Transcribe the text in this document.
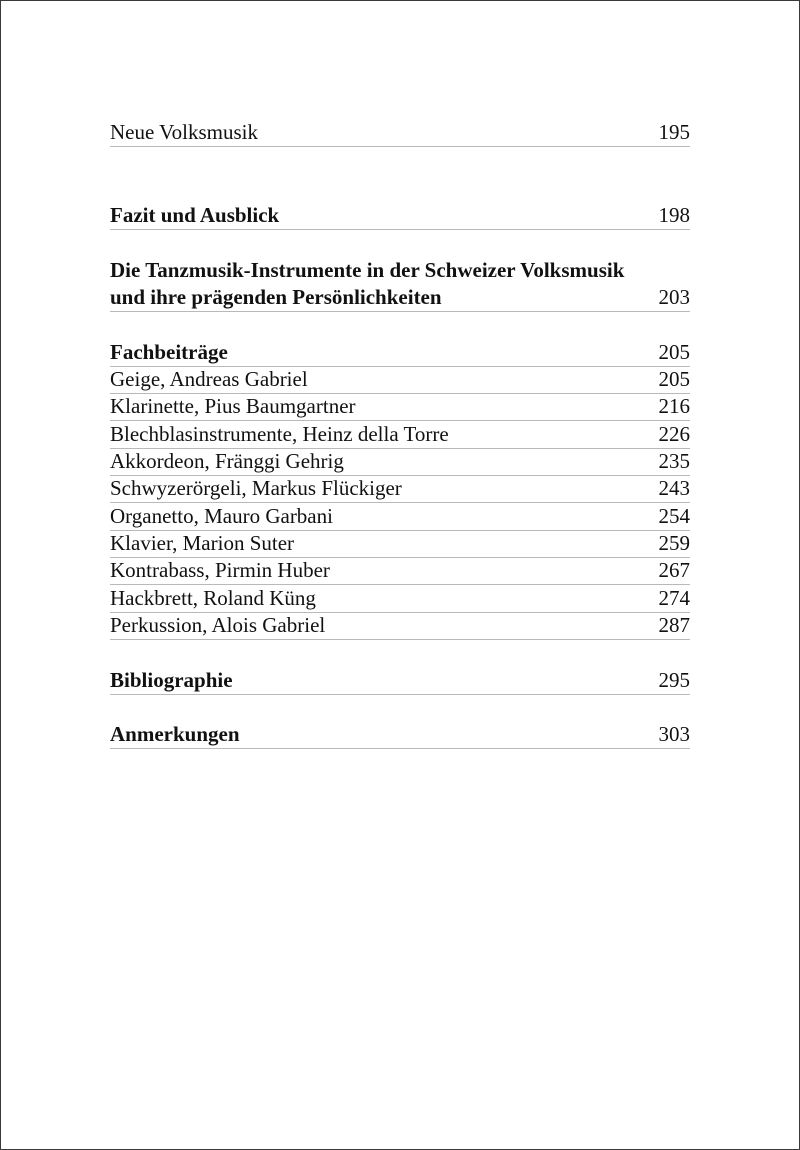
Neue Volksmusik	195
Fazit und Ausblick	198
Die Tanzmusik-Instrumente in der Schweizer Volksmusik und ihre prägenden Persönlichkeiten	203
Fachbeiträge	205
Geige, Andreas Gabriel	205
Klarinette, Pius Baumgartner	216
Blechblasinstrumente, Heinz della Torre	226
Akkordeon, Fränggi Gehrig	235
Schwyzerörgeli, Markus Flückiger	243
Organetto, Mauro Garbani	254
Klavier, Marion Suter	259
Kontrabass, Pirmin Huber	267
Hackbrett, Roland Küng	274
Perkussion, Alois Gabriel	287
Bibliographie	295
Anmerkungen	303
